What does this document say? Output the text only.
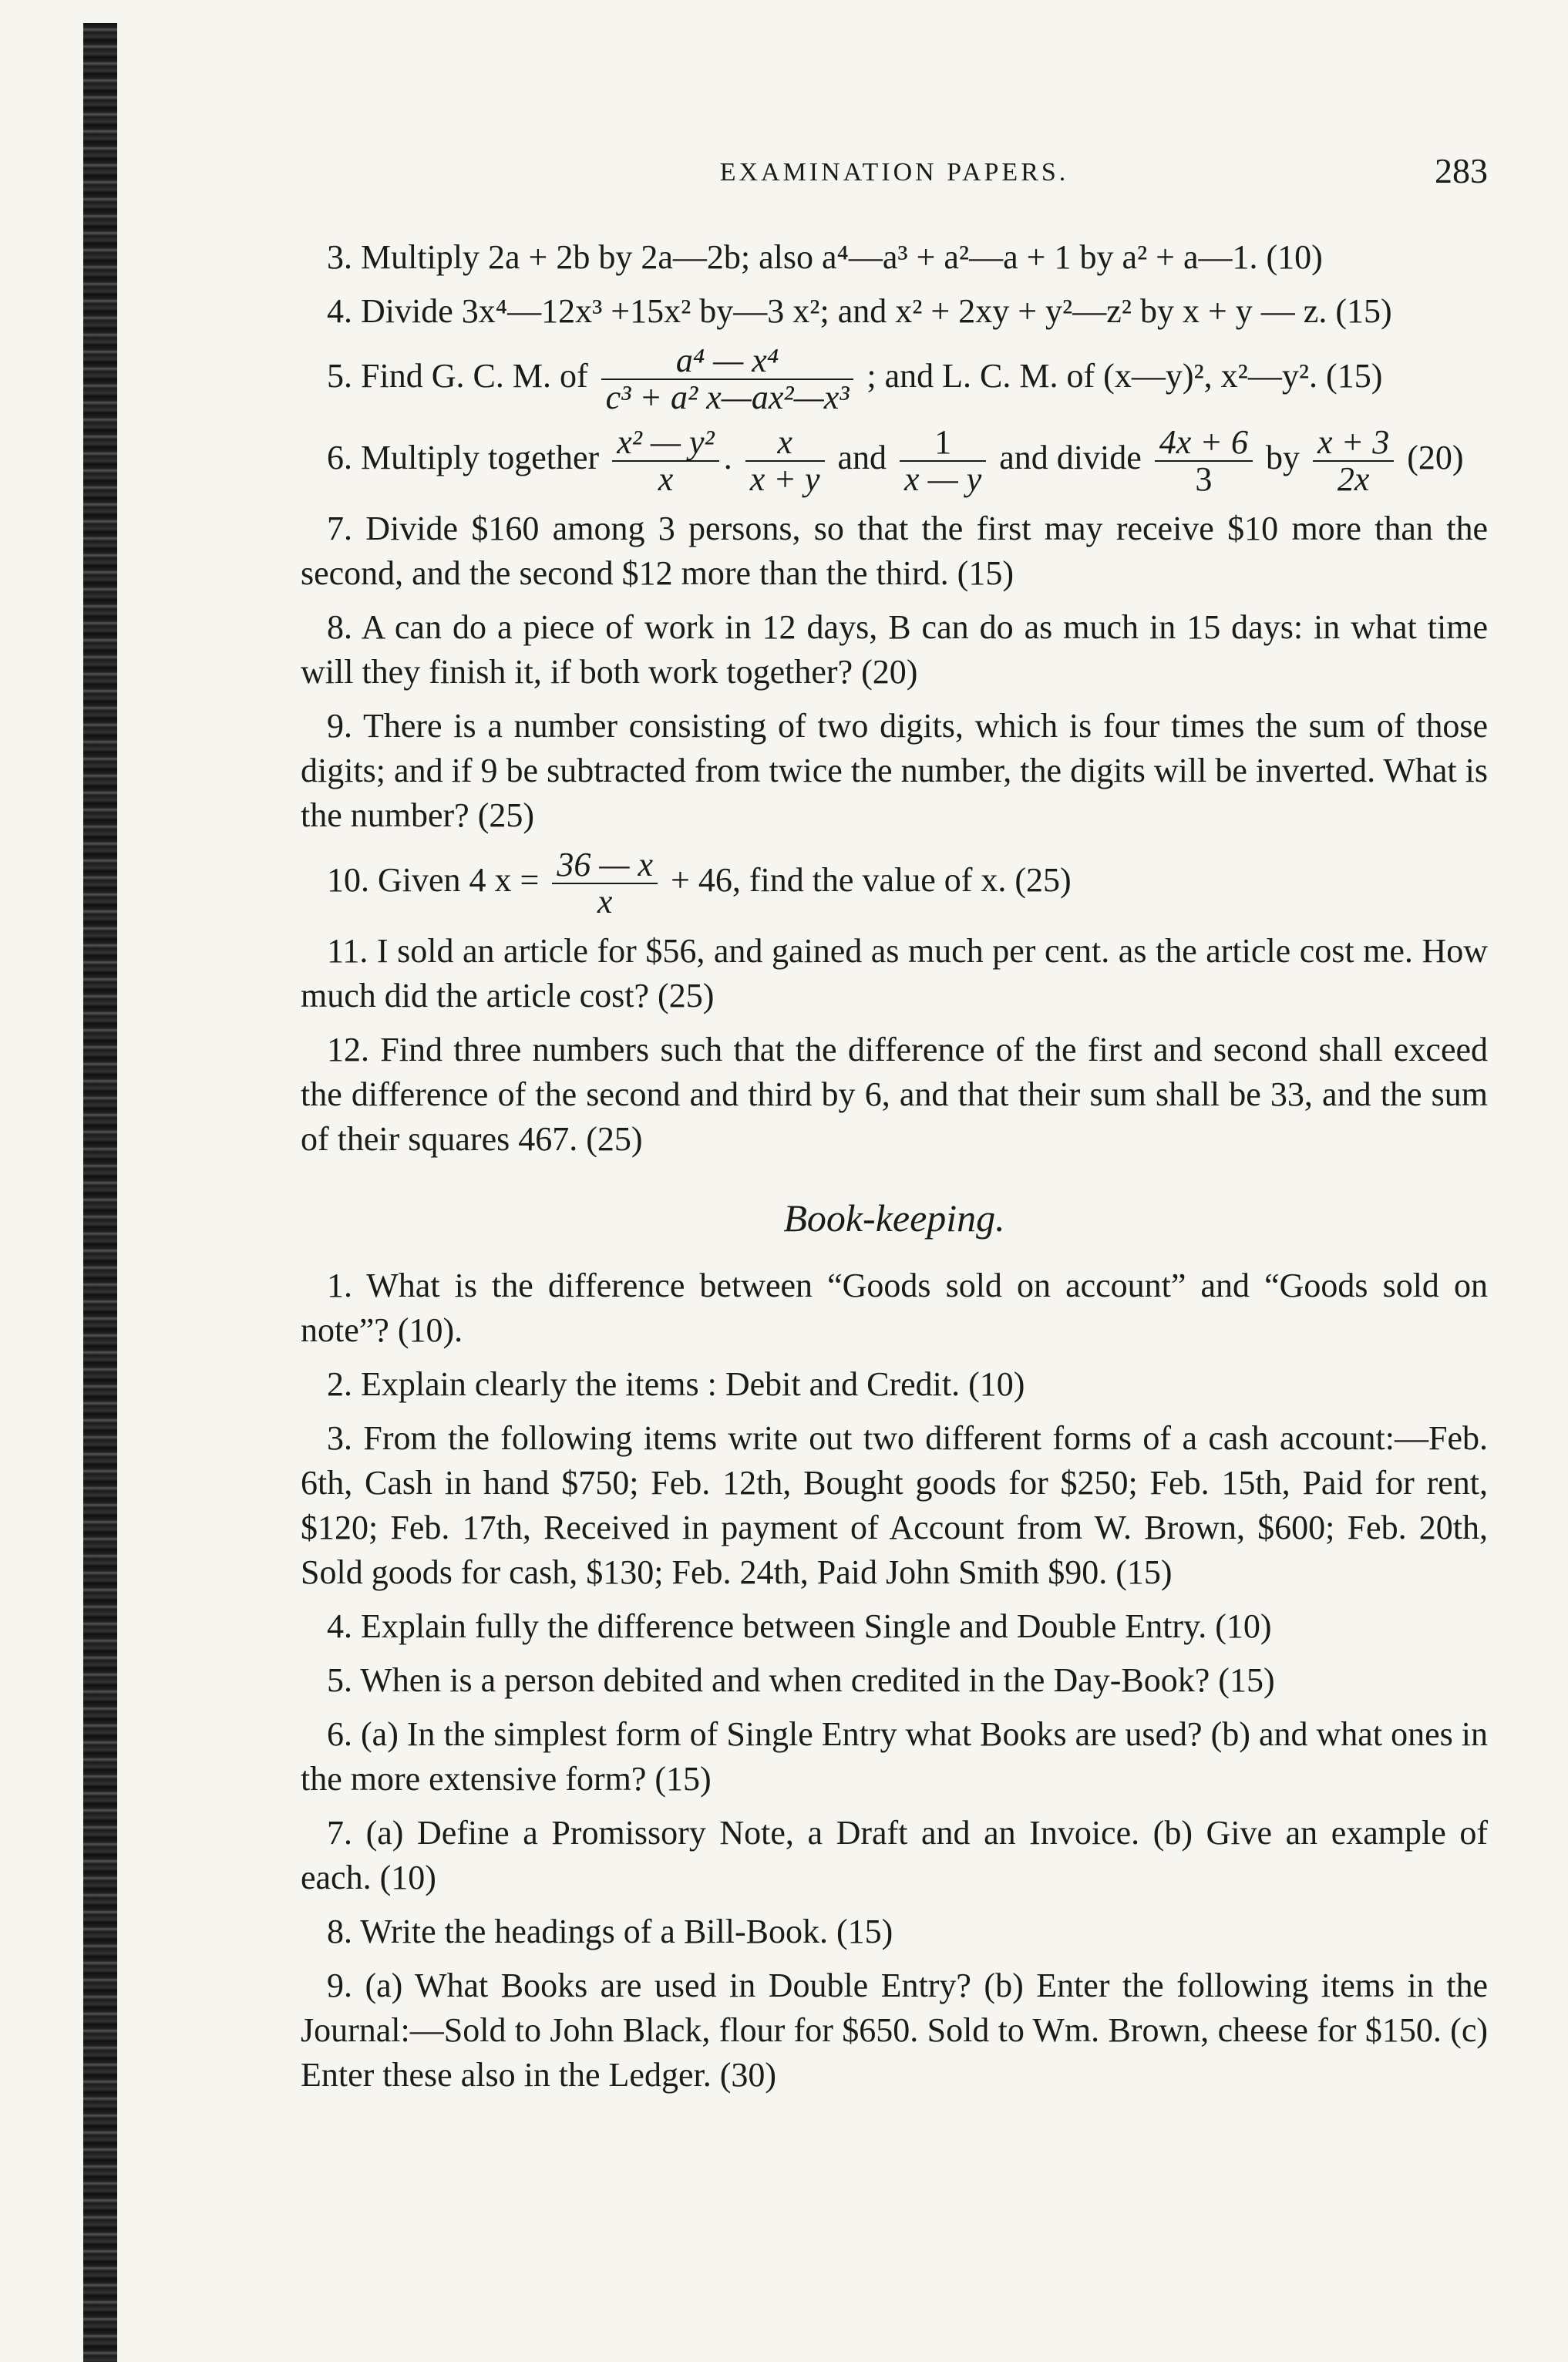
EXAMINATION PAPERS.	283

3. Multiply 2a + 2b by 2a—2b; also a⁴—a³ + a²—a + 1 by a² + a—1. (10)

4. Divide 3x⁴—12x³ +15x² by—3 x²; and x² + 2xy + y²—z² by x + y — z. (15)

5. Find G. C. M. of $\frac{\text{a⁴ — x⁴}}{\text{c³ + a² x—ax²—x³}}$ ; and L. C. M. of (x—y)², x²—y². (15)

6. Multiply together $\frac{\text{x² — y²}}{x}$ . $\frac{x}{x + y}$ and $\frac{1}{x — y}$ and divide $\frac{4x + 6}{3}$ by $\frac{x + 3}{2x} (20)$

7. Divide $160 among 3 persons, so that the first may receive $10 more than the second, and the second $12 more than the third. (15)

8. A can do a piece of work in 12 days, B can do as much in 15 days: in what time will they finish it, if both work together? (20)

9. There is a number consisting of two digits, which is four times the sum of those digits; and if 9 be subtracted from twice the number, the digits will be inverted. What is the number? (25)

10. Given 4 $x = \frac{36 — x}{x} + 46$, find the value of x. (25)

11. I sold an article for $56, and gained as much per cent. as the article cost me. How much did the article cost? (25)

12. Find three numbers such that the difference of the first and second shall exceed the difference of the second and third by 6, and that their sum shall be 33, and the sum of their squares 467. (25)

Book-keeping.

1. What is the difference between “Goods sold on account” and “Goods sold on note”? (10).

2. Explain clearly the items : Debit and Credit. (10)

3. From the following items write out two different forms of a cash account:—Feb. 6th, Cash in hand $750; Feb. 12th, Bought goods for $250; Feb. 15th, Paid for rent, $120; Feb. 17th, Received in payment of Account from W. Brown, $600; Feb. 20th, Sold goods for cash, $130; Feb. 24th, Paid John Smith $90. (15)

4. Explain fully the difference between Single and Double Entry. (10)

5. When is a person debited and when credited in the Day-Book? (15)

6. (a) In the simplest form of Single Entry what Books are used? (b) and what ones in the more extensive form? (15)

7. (a) Define a Promissory Note, a Draft and an Invoice. (b) Give an example of each. (10)

8. Write the headings of a Bill-Book. (15)

9. (a) What Books are used in Double Entry? (b) Enter the following items in the Journal:—Sold to John Black, flour for $650. Sold to Wm. Brown, cheese for $150. (c) Enter these also in the Ledger. (30)
